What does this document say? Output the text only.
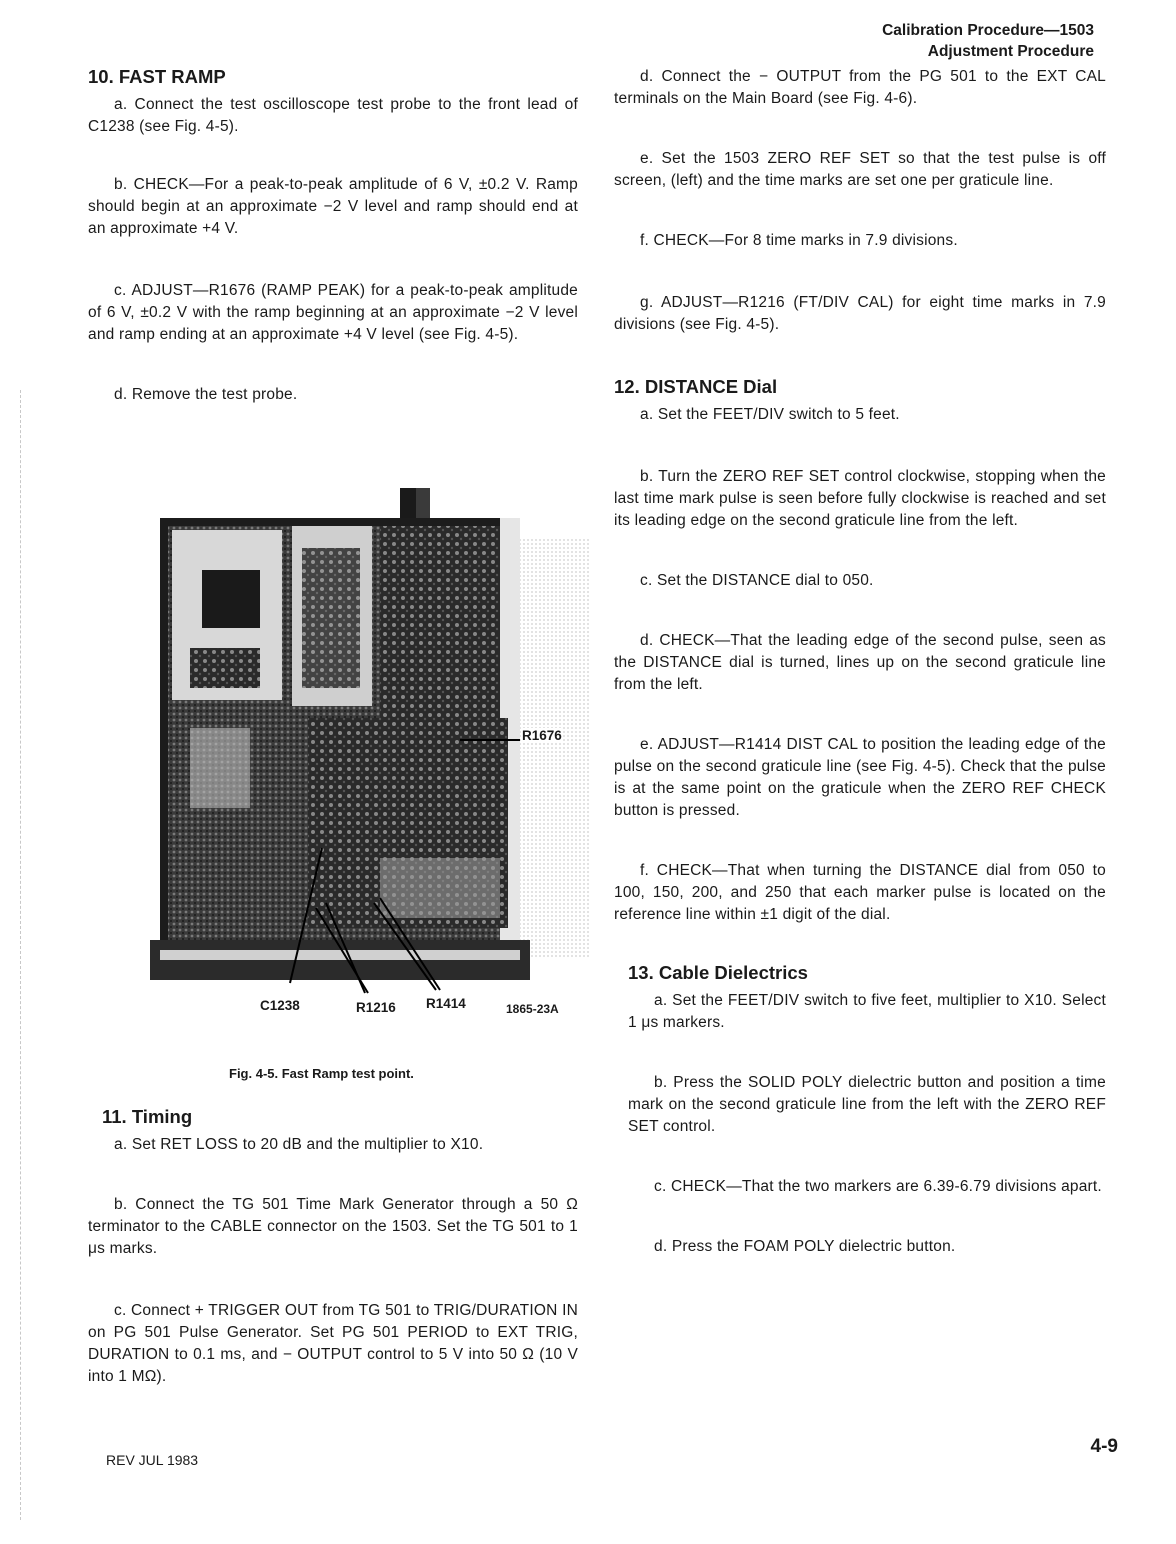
Calibration Procedure—1503
Adjustment Procedure
10. FAST RAMP

a. Connect the test oscilloscope test probe to the front lead of C1238 (see Fig. 4-5).

b. CHECK—For a peak-to-peak amplitude of 6 V, ±0.2 V. Ramp should begin at an approximate −2 V level and ramp should end at an approximate +4 V.

c. ADJUST—R1676 (RAMP PEAK) for a peak-to-peak amplitude of 6 V, ±0.2 V with the ramp beginning at an approximate −2 V level and ramp ending at an approximate +4 V level (see Fig. 4-5).

d. Remove the test probe.

R1676
C1238	R1216 R1414	1865-23A
Fig. 4-5. Fast Ramp test point.
11. Timing

a. Set RET LOSS to 20 dB and the multiplier to X10.

b. Connect the TG 501 Time Mark Generator through a 50 Ω terminator to the CABLE connector on the 1503. Set the TG 501 to 1 μs marks.

c. Connect + TRIGGER OUT from TG 501 to TRIG/DURATION IN on PG 501 Pulse Generator. Set PG 501 PERIOD to EXT TRIG, DURATION to 0.1 ms, and − OUTPUT control to 5 V into 50 Ω (10 V into 1 MΩ).

d. Connect the − OUTPUT from the PG 501 to the EXT CAL terminals on the Main Board (see Fig. 4-6).

e. Set the 1503 ZERO REF SET so that the test pulse is off screen, (left) and the time marks are set one per graticule line.

f. CHECK—For 8 time marks in 7.9 divisions.

g. ADJUST—R1216 (FT/DIV CAL) for eight time marks in 7.9 divisions (see Fig. 4-5).

12. DISTANCE Dial

a. Set the FEET/DIV switch to 5 feet.

b. Turn the ZERO REF SET control clockwise, stopping when the last time mark pulse is seen before fully clockwise is reached and set its leading edge on the second graticule line from the left.

c. Set the DISTANCE dial to 050.

d. CHECK—That the leading edge of the second pulse, seen as the DISTANCE dial is turned, lines up on the second graticule line from the left.

e. ADJUST—R1414 DIST CAL to position the leading edge of the pulse on the second graticule line (see Fig. 4-5). Check that the pulse is at the same point on the graticule when the ZERO REF CHECK button is pressed.

f. CHECK—That when turning the DISTANCE dial from 050 to 100, 150, 200, and 250 that each marker pulse is located on the reference line within ±1 digit of the dial.

13. Cable Dielectrics

a. Set the FEET/DIV switch to five feet, multiplier to X10. Select 1 μs markers.

b. Press the SOLID POLY dielectric button and position a time mark on the second graticule line from the left with the ZERO REF SET control.

c. CHECK—That the two markers are 6.39-6.79 divisions apart.

d. Press the FOAM POLY dielectric button.

REV JUL 1983
4-9
